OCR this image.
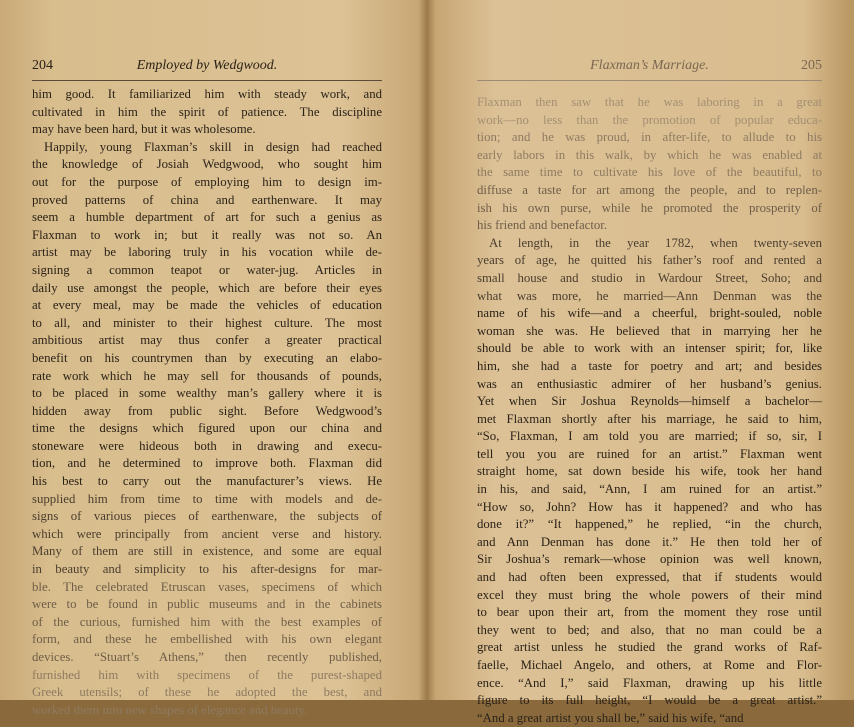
204	Employed by Wedgwood.
him good. It familiarized him with steady work, and
cultivated in him the spirit of patience. The discipline
may have been hard, but it was wholesome.
Happily, young Flaxman’s skill in design had reached
the knowledge of Josiah Wedgwood, who sought him
out for the purpose of employing him to design im-
proved patterns of china and earthenware. It may
seem a humble department of art for such a genius as
Flaxman to work in; but it really was not so. An
artist may be laboring truly in his vocation while de-
signing a common teapot or water-jug. Articles in
daily use amongst the people, which are before their eyes
at every meal, may be made the vehicles of education
to all, and minister to their highest culture. The most
ambitious artist may thus confer a greater practical
benefit on his countrymen than by executing an elabo-
rate work which he may sell for thousands of pounds,
to be placed in some wealthy man’s gallery where it is
hidden away from public sight. Before Wedgwood’s
time the designs which figured upon our china and
stoneware were hideous both in drawing and execu-
tion, and he determined to improve both. Flaxman did
his best to carry out the manufacturer’s views. He
supplied him from time to time with models and de-
signs of various pieces of earthenware, the subjects of
which were principally from ancient verse and history.
Many of them are still in existence, and some are equal
in beauty and simplicity to his after-designs for mar-
ble. The celebrated Etruscan vases, specimens of which
were to be found in public museums and in the cabinets
of the curious, furnished him with the best examples of
form, and these he embellished with his own elegant
devices. “Stuart’s Athens,” then recently published,
furnished him with specimens of the purest-shaped
Greek utensils; of these he adopted the best, and
worked them into new shapes of elegance and beauty.
Flaxman’s Marriage.	205
Flaxman then saw that he was laboring in a great
work—no less than the promotion of popular educa-
tion; and he was proud, in after-life, to allude to his
early labors in this walk, by which he was enabled at
the same time to cultivate his love of the beautiful, to
diffuse a taste for art among the people, and to replen-
ish his own purse, while he promoted the prosperity of
his friend and benefactor.
At length, in the year 1782, when twenty-seven
years of age, he quitted his father’s roof and rented a
small house and studio in Wardour Street, Soho; and
what was more, he married—Ann Denman was the
name of his wife—and a cheerful, bright-souled, noble
woman she was. He believed that in marrying her he
should be able to work with an intenser spirit; for, like
him, she had a taste for poetry and art; and besides
was an enthusiastic admirer of her husband’s genius.
Yet when Sir Joshua Reynolds—himself a bachelor—
met Flaxman shortly after his marriage, he said to him,
“So, Flaxman, I am told you are married; if so, sir, I
tell you you are ruined for an artist.” Flaxman went
straight home, sat down beside his wife, took her hand
in his, and said, “Ann, I am ruined for an artist.”
“How so, John? How has it happened? and who has
done it?” “It happened,” he replied, “in the church,
and Ann Denman has done it.” He then told her of
Sir Joshua’s remark—whose opinion was well known,
and had often been expressed, that if students would
excel they must bring the whole powers of their mind
to bear upon their art, from the moment they rose until
they went to bed; and also, that no man could be a
great artist unless he studied the grand works of Raf-
faelle, Michael Angelo, and others, at Rome and Flor-
ence. “And I,” said Flaxman, drawing up his little
figure to its full height, “I would be a great artist.”
“And a great artist you shall be,” said his wife, “and
